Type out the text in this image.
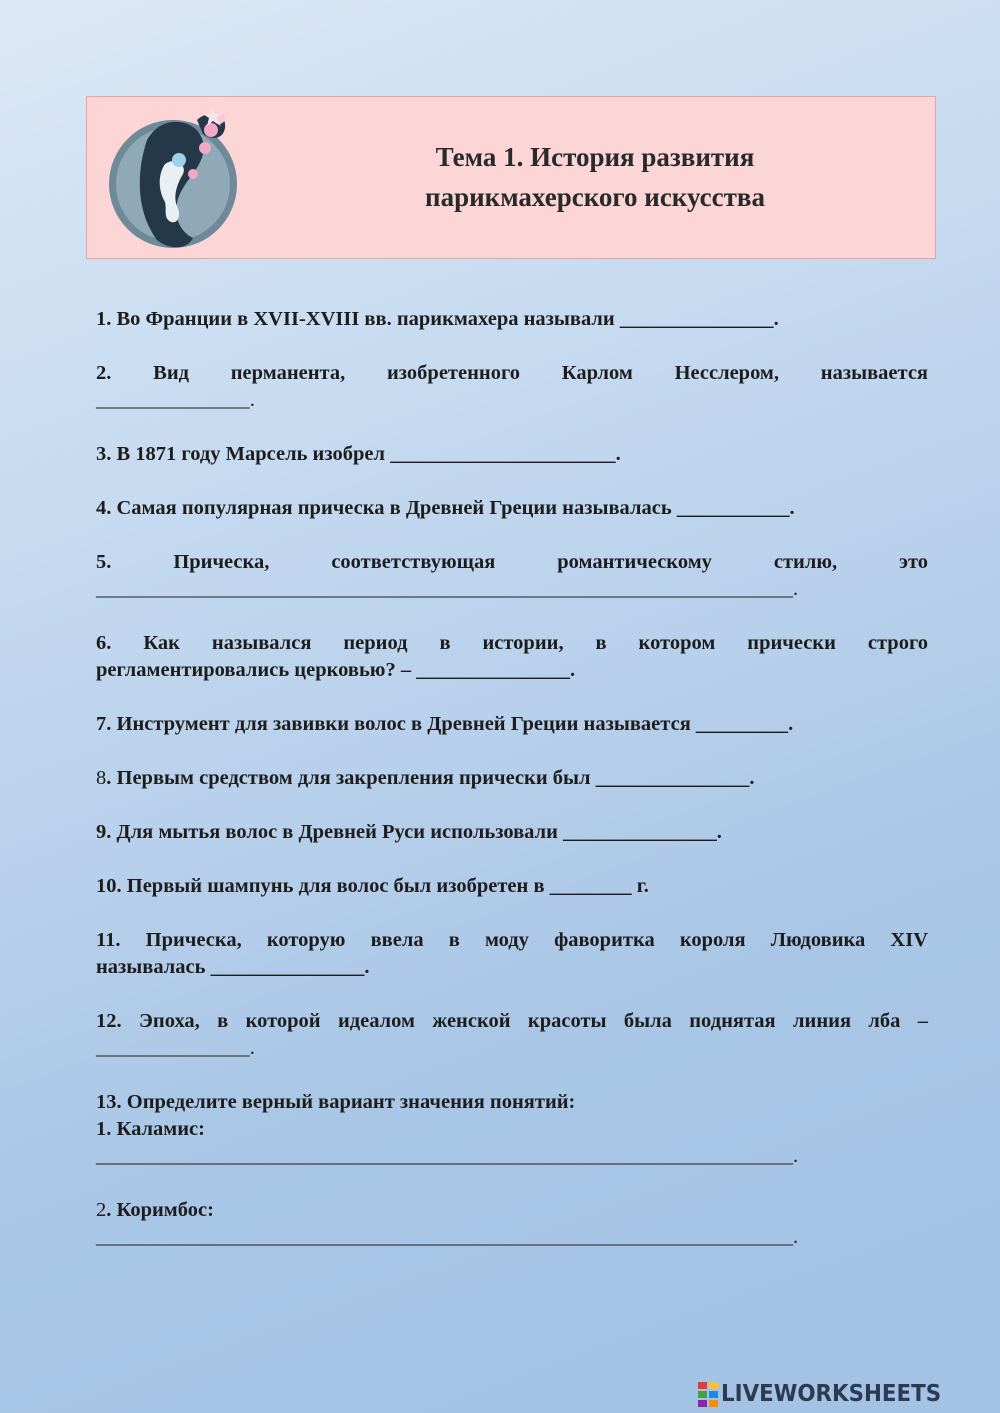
Тема 1. История развития
парикмахерского искусства
1. Во Франции в XVII-XVIII вв. парикмахера называли _______________.
2. Вид перманента, изобретенного Карлом Несслером, называется
_______________.
3. В 1871 году Марсель изобрел ______________________.
4. Самая популярная прическа в Древней Греции называлась ___________.
5.	Прическа, соответствующая романтическому стилю, это
____________________________________________________________________.
6. Как назывался период в истории, в котором прически строго
регламентировались церковью? – _______________.
7. Инструмент для завивки волос в Древней Греции называется _________.
8. Первым средством для закрепления прически был _______________.
9. Для мытья волос в Древней Руси использовали _______________.
10. Первый шампунь для волос был изобретен в ________ г.
11. Прическа, которую ввела в моду фаворитка короля Людовика XIV
называлась _______________.
12. Эпоха, в которой идеалом женской красоты была поднятая линия лба –
_______________.
13. Определите верный вариант значения понятий:
1. Каламис:
____________________________________________________________________.
2. Коримбос:
____________________________________________________________________.
LIVEWORKSHEETS
